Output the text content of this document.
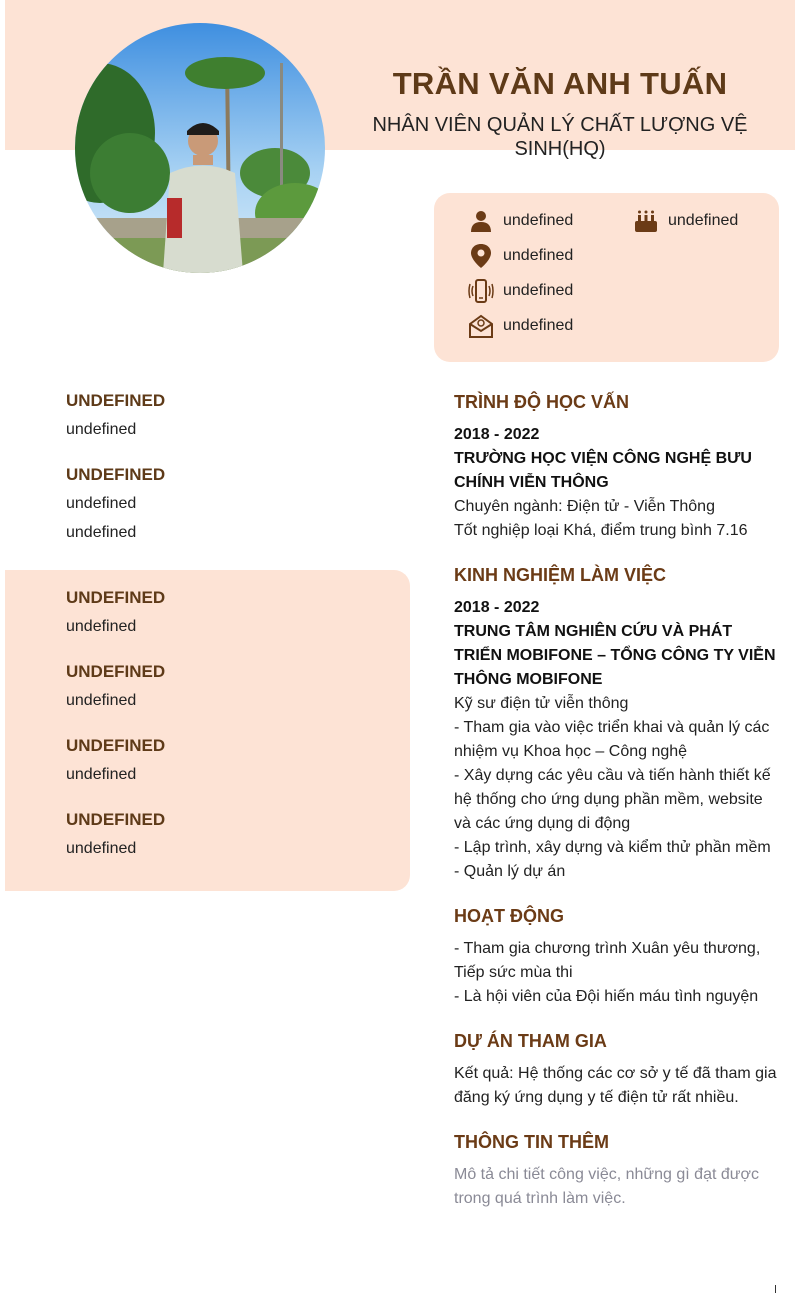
TRẦN VĂN ANH TUẤN
NHÂN VIÊN QUẢN LÝ CHẤT LƯỢNG VỆ SINH(HQ)
undefined
undefined
undefined
undefined
undefined
UNDEFINED
undefined
UNDEFINED
undefined
undefined
UNDEFINED
undefined
UNDEFINED
undefined
UNDEFINED
undefined
UNDEFINED
undefined
TRÌNH ĐỘ HỌC VẤN
2018 - 2022
TRƯỜNG HỌC VIỆN CÔNG NGHỆ BƯU CHÍNH VIỄN THÔNG
Chuyên ngành: Điện tử - Viễn Thông
Tốt nghiệp loại Khá, điểm trung bình 7.16
KINH NGHIỆM LÀM VIỆC
2018 - 2022
TRUNG TÂM NGHIÊN CỨU VÀ PHÁT TRIỂN MOBIFONE – TỔNG CÔNG TY VIỄN THÔNG MOBIFONE
Kỹ sư điện tử viễn thông
- Tham gia vào việc triển khai và quản lý các nhiệm vụ Khoa học – Công nghệ
- Xây dựng các yêu cầu và tiến hành thiết kế hệ thống cho ứng dụng phần mềm, website và các ứng dụng di động
- Lập trình, xây dựng và kiểm thử phần mềm
- Quản lý dự án
HOẠT ĐỘNG
- Tham gia chương trình Xuân yêu thương, Tiếp sức mùa thi
- Là hội viên của Đội hiến máu tình nguyện
DỰ ÁN THAM GIA
Kết quả: Hệ thống các cơ sở y tế đã tham gia đăng ký ứng dụng y tế điện tử rất nhiều.
THÔNG TIN THÊM
Mô tả chi tiết công việc, những gì đạt được trong quá trình làm việc.
